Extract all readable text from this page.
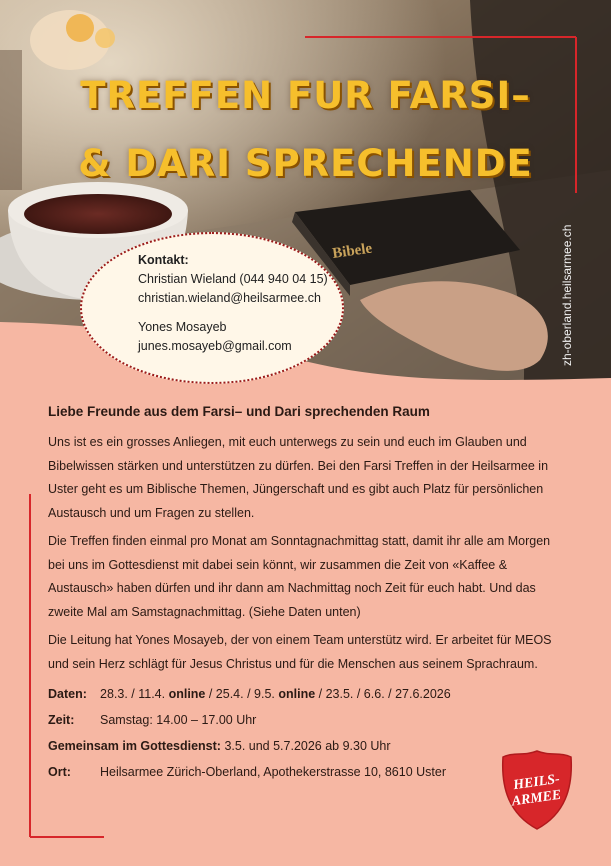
Bibele
TREFFEN FUR FARSI–
& DARI SPRECHENDE
Kontakt:
Christian Wieland (044 940 04 15)
christian.wieland@heilsarmee.ch
Yones Mosayeb
junes.mosayeb@gmail.com	zh-oberland.heilsarmee.ch
Liebe Freunde aus dem Farsi– und Dari sprechenden Raum

Uns ist es ein grosses Anliegen, mit euch unterwegs zu sein und euch im Glauben und Bibelwissen stärken und unterstützen zu dürfen. Bei den Farsi Treffen in der Heilsarmee in Uster geht es um Biblische Themen, Jüngerschaft und es gibt auch Platz für persönlichen Austausch und um Fragen zu stellen.

Die Treffen finden einmal pro Monat am Sonntagnachmittag statt, damit ihr alle am Morgen bei uns im Gottesdienst mit dabei sein könnt, wir zusammen die Zeit von «Kaffee & Austausch» haben dürfen und ihr dann am Nachmittag noch Zeit für euch habt. Und das zweite Mal am Samstagnachmittag. (Siehe Daten unten)

Die Leitung hat Yones Mosayeb, der von einem Team unterstütz wird. Er arbeitet für MEOS und sein Herz schlägt für Jesus Christus und für die Menschen aus seinem Sprachraum.

Daten: 28.3. / 11.4. online / 25.4. / 9.5. online / 23.5. / 6.6. / 27.6.2026
Zeit: Samstag: 14.00 – 17.00 Uhr
Gemeinsam im Gottesdienst: 3.5. und 5.7.2026 ab 9.30 Uhr
Ort: Heilsarmee Zürich-Oberland, Apothekerstrasse 10, 8610 Uster	HEILS-
ARMEE
